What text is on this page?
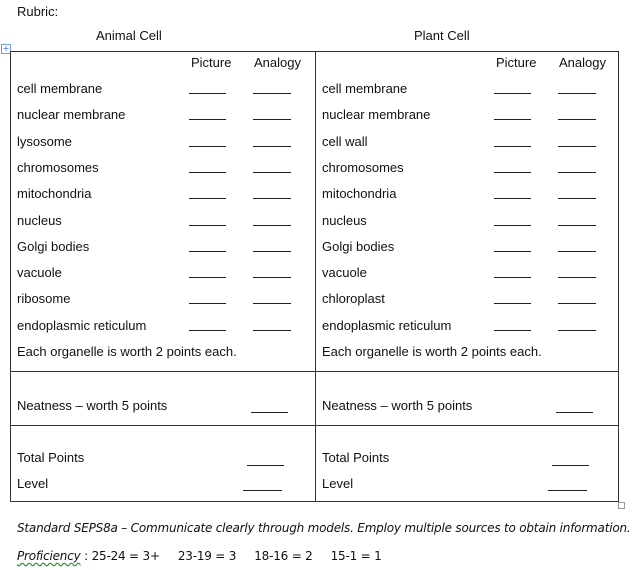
Rubric:
Animal Cell	Plant Cell
+
Picture Analogy
cell membrane
nuclear membrane
lysosome
chromosomes
mitochondria
nucleus
Golgi bodies
vacuole
ribosome
endoplasmic reticulum
Each organelle is worth 2 points each.
Neatness – worth 5 points
Total Points
Level
Picture Analogy
cell membrane
nuclear membrane
cell wall
chromosomes
mitochondria
nucleus
Golgi bodies
vacuole
chloroplast
endoplasmic reticulum
Each organelle is worth 2 points each.
Neatness – worth 5 points
Total Points
Level
Standard SEPS8a – Communicate clearly through models. Employ multiple sources to obtain information.
Proficiency : 25-24 = 3+ 23-19 = 3 18-16 = 2 15-1 = 1
